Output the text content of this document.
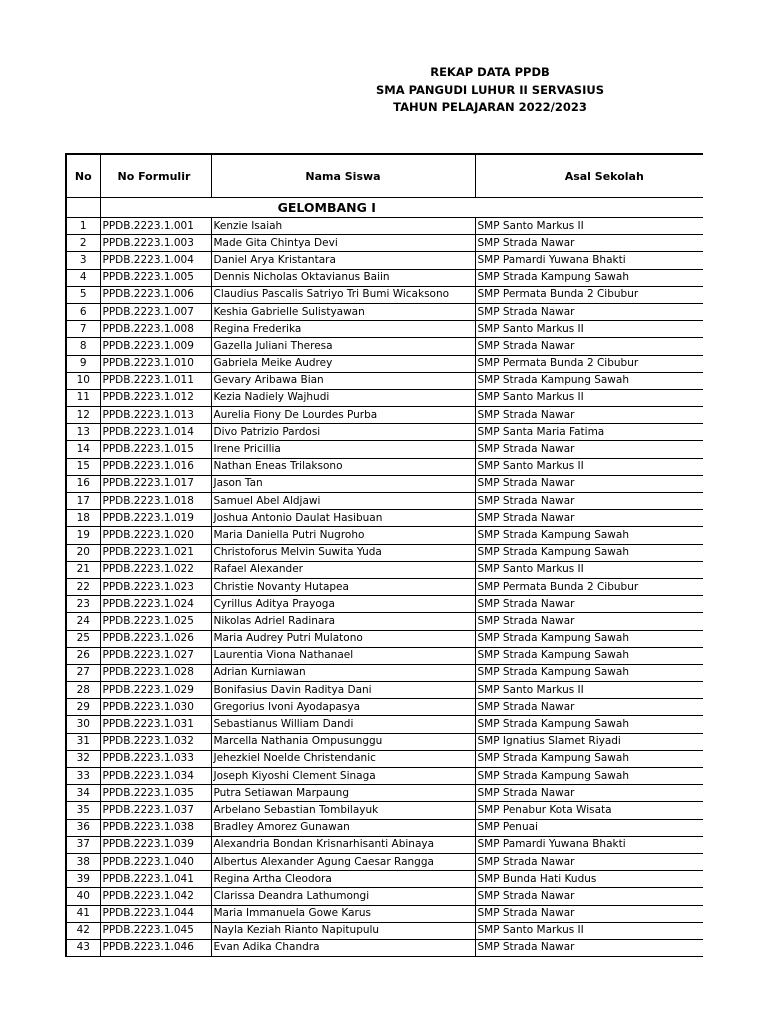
REKAP DATA PPDB
SMA PANGUDI LUHUR II SERVASIUS
TAHUN PELAJARAN 2022/2023
No	No Formulir	Nama Siswa	Asal Sekolah
	GELOMBANG I		
1	PPDB.2223.1.001	Kenzie Isaiah	SMP Santo Markus II
2	PPDB.2223.1.003	Made Gita Chintya Devi	SMP Strada Nawar
3	PPDB.2223.1.004	Daniel Arya Kristantara	SMP Pamardi Yuwana Bhakti
4	PPDB.2223.1.005	Dennis Nicholas Oktavianus Baiin	SMP Strada Kampung Sawah
5	PPDB.2223.1.006	Claudius Pascalis Satriyo Tri Bumi Wicaksono	SMP Permata Bunda 2 Cibubur
6	PPDB.2223.1.007	Keshia Gabrielle Sulistyawan	SMP Strada Nawar
7	PPDB.2223.1.008	Regina Frederika	SMP Santo Markus II
8	PPDB.2223.1.009	Gazella Juliani Theresa	SMP Strada Nawar
9	PPDB.2223.1.010	Gabriela Meike Audrey	SMP Permata Bunda 2 Cibubur
10	PPDB.2223.1.011	Gevary Aribawa Bian	SMP Strada Kampung Sawah
11	PPDB.2223.1.012	Kezia Nadiely Wajhudi	SMP Santo Markus II
12	PPDB.2223.1.013	Aurelia Fiony De Lourdes Purba	SMP Strada Nawar
13	PPDB.2223.1.014	Divo Patrizio Pardosi	SMP Santa Maria Fatima
14	PPDB.2223.1.015	Irene Pricillia	SMP Strada Nawar
15	PPDB.2223.1.016	Nathan Eneas Trilaksono	SMP Santo Markus II
16	PPDB.2223.1.017	Jason Tan	SMP Strada Nawar
17	PPDB.2223.1.018	Samuel Abel Aldjawi	SMP Strada Nawar
18	PPDB.2223.1.019	Joshua Antonio Daulat Hasibuan	SMP Strada Nawar
19	PPDB.2223.1.020	Maria Daniella Putri Nugroho	SMP Strada Kampung Sawah
20	PPDB.2223.1.021	Christoforus Melvin Suwita Yuda	SMP Strada Kampung Sawah
21	PPDB.2223.1.022	Rafael Alexander	SMP Santo Markus II
22	PPDB.2223.1.023	Christie Novanty Hutapea	SMP Permata Bunda 2 Cibubur
23	PPDB.2223.1.024	Cyrillus Aditya Prayoga	SMP Strada Nawar
24	PPDB.2223.1.025	Nikolas Adriel Radinara	SMP Strada Nawar
25	PPDB.2223.1.026	Maria Audrey Putri Mulatono	SMP Strada Kampung Sawah
26	PPDB.2223.1.027	Laurentia Viona Nathanael	SMP Strada Kampung Sawah
27	PPDB.2223.1.028	Adrian Kurniawan	SMP Strada Kampung Sawah
28	PPDB.2223.1.029	Bonifasius Davin Raditya Dani	SMP Santo Markus II
29	PPDB.2223.1.030	Gregorius Ivoni Ayodapasya	SMP Strada Nawar
30	PPDB.2223.1.031	Sebastianus William Dandi	SMP Strada Kampung Sawah
31	PPDB.2223.1.032	Marcella Nathania Ompusunggu	SMP Ignatius Slamet Riyadi
32	PPDB.2223.1.033	Jehezkiel Noelde Christendanic	SMP Strada Kampung Sawah
33	PPDB.2223.1.034	Joseph Kiyoshi Clement Sinaga	SMP Strada Kampung Sawah
34	PPDB.2223.1.035	Putra Setiawan Marpaung	SMP Strada Nawar
35	PPDB.2223.1.037	Arbelano Sebastian Tombilayuk	SMP Penabur Kota Wisata
36	PPDB.2223.1.038	Bradley Amorez Gunawan	SMP Penuai
37	PPDB.2223.1.039	Alexandria Bondan Krisnarhisanti Abinaya	SMP Pamardi Yuwana Bhakti
38	PPDB.2223.1.040	Albertus Alexander Agung Caesar Rangga	SMP Strada Nawar
39	PPDB.2223.1.041	Regina Artha Cleodora	SMP Bunda Hati Kudus
40	PPDB.2223.1.042	Clarissa Deandra Lathumongi	SMP Strada Nawar
41	PPDB.2223.1.044	Maria Immanuela Gowe Karus	SMP Strada Nawar
42	PPDB.2223.1.045	Nayla Keziah Rianto Napitupulu	SMP Santo Markus II
43	PPDB.2223.1.046	Evan Adika Chandra	SMP Strada Nawar
